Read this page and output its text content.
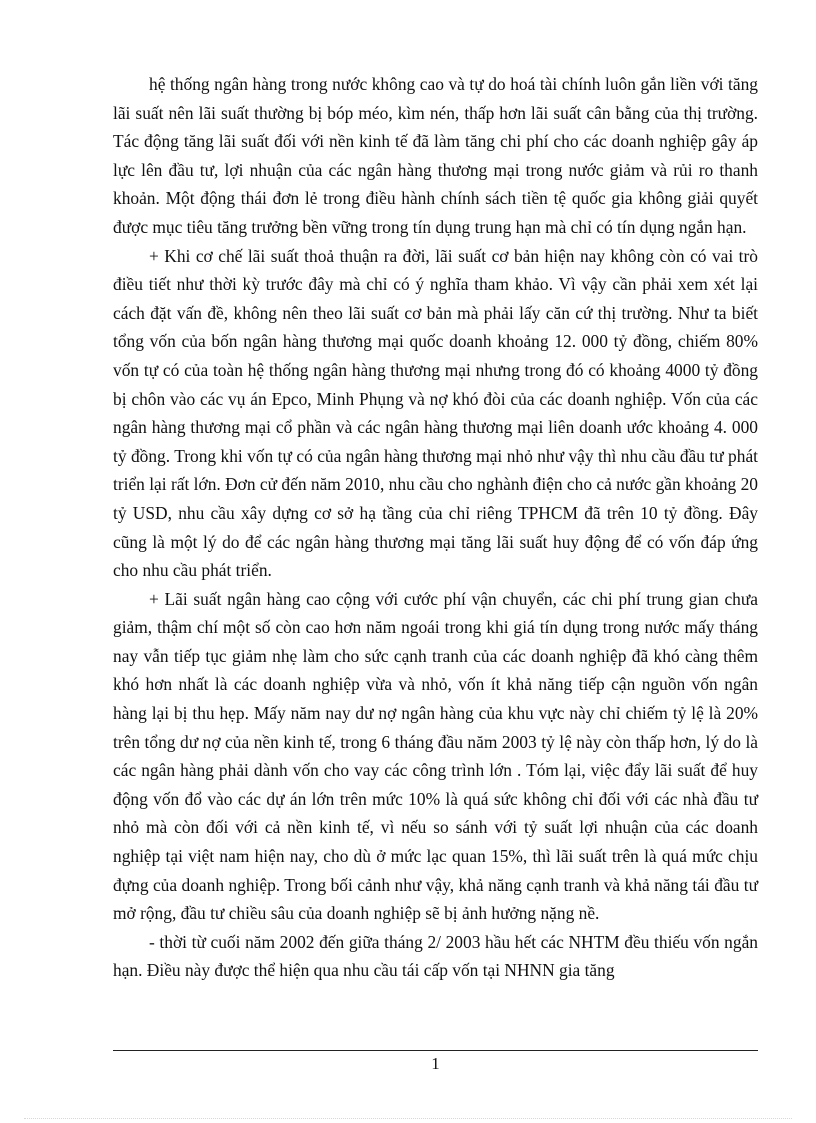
hệ thống ngân hàng trong nước không cao và tự do hoá tài chính luôn gắn liền với tăng lãi suất nên lãi suất thường bị bóp méo, kìm nén, thấp hơn lãi suất cân bằng của thị trường. Tác động tăng lãi suất đối với nền kinh tế đã làm tăng chi phí cho các doanh nghiệp gây áp lực lên đầu tư, lợi nhuận của các ngân hàng thương mại trong nước giảm và rủi ro thanh khoản. Một động thái đơn lẻ trong điều hành chính sách tiền tệ quốc gia không giải quyết được mục tiêu tăng trưởng bền vững trong tín dụng trung hạn mà chỉ có tín dụng ngắn hạn.

+ Khi cơ chế lãi suất thoả thuận ra đời, lãi suất cơ bản hiện nay không còn có vai trò điều tiết như thời kỳ trước đây mà chỉ có ý nghĩa tham khảo. Vì vậy cần phải xem xét lại cách đặt vấn đề, không nên theo lãi suất cơ bản mà phải lấy căn cứ thị trường. Như ta biết tổng vốn của bốn ngân hàng thương mại quốc doanh khoảng 12. 000 tỷ đồng, chiếm 80% vốn tự có của toàn hệ thống ngân hàng thương mại nhưng trong đó có khoảng 4000 tỷ đồng bị chôn vào các vụ án Epco, Minh Phụng và nợ khó đòi của các doanh nghiệp. Vốn của các ngân hàng thương mại cổ phần và các ngân hàng thương mại liên doanh ước khoảng 4. 000 tỷ đồng. Trong khi vốn tự có của ngân hàng thương mại nhỏ như vậy thì nhu cầu đầu tư phát triển lại rất lớn. Đơn cử đến năm 2010, nhu cầu cho nghành điện cho cả nước gần khoảng 20 tỷ USD, nhu cầu xây dựng cơ sở hạ tầng của chỉ riêng TPHCM đã trên 10 tỷ đồng. Đây cũng là một lý do để các ngân hàng thương mại tăng lãi suất huy động để có vốn đáp ứng cho nhu cầu phát triển.

+ Lãi suất ngân hàng cao cộng với cước phí vận chuyển, các chi phí trung gian chưa giảm, thậm chí một số còn cao hơn năm ngoái trong khi giá tín dụng trong nước mấy tháng nay vẫn tiếp tục giảm nhẹ làm cho sức cạnh tranh của các doanh nghiệp đã khó càng thêm khó hơn nhất là các doanh nghiệp vừa và nhỏ, vốn ít khả năng tiếp cận nguồn vốn ngân hàng lại bị thu hẹp. Mấy năm nay dư nợ ngân hàng của khu vực này chỉ chiếm tỷ lệ là 20% trên tổng dư nợ của nền kinh tế, trong 6 tháng đầu năm 2003 tỷ lệ này còn thấp hơn, lý do là các ngân hàng phải dành vốn cho vay các công trình lớn . Tóm lại, việc đẩy lãi suất để huy động vốn đổ vào các dự án lớn trên mức 10% là quá sức không chỉ đối với các nhà đầu tư nhỏ mà còn đối với cả nền kinh tế, vì nếu so sánh với tỷ suất lợi nhuận của các doanh nghiệp tại việt nam hiện nay, cho dù ở mức lạc quan 15%, thì lãi suất trên là quá mức chịu đựng của doanh nghiệp. Trong bối cảnh như vậy, khả năng cạnh tranh và khả năng tái đầu tư mở rộng, đầu tư chiều sâu của doanh nghiệp sẽ bị ảnh hưởng nặng nề.

- thời từ cuối năm 2002 đến giữa tháng 2/ 2003 hầu hết các NHTM đều thiếu vốn ngắn hạn. Điều này được thể hiện qua nhu cầu tái cấp vốn tại NHNN gia tăng

1
